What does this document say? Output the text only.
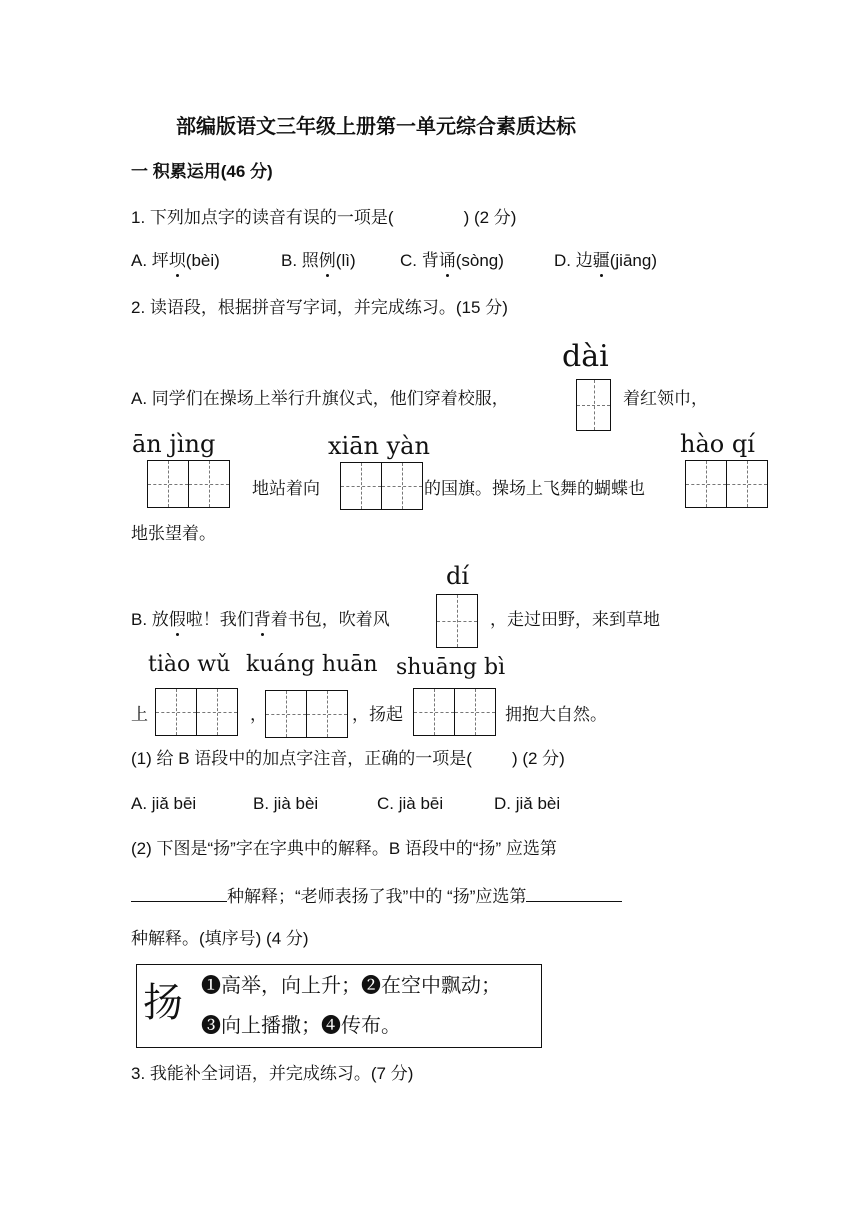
部编版语文三年级上册第一单元综合素质达标
一 积累运用(46 分)
1. 下列加点字的读音有误的一项是(	) (2 分)
A. 坪坝(bèi)	B. 照例(lì)	C. 背诵(sòng)	D. 边疆(jiāng)
2. 读语段，根据拼音写字词，并完成练习。(15 分)
dài
A. 同学们在操场上举行升旗仪式，他们穿着校服，	着红领巾，
ān jìng	xiān yàn	hào qí
地站着向	的国旗。操场上飞舞的蝴蝶也
地张望着。
dí
B. 放假啦！我们背着书包，吹着风	，走过田野，来到草地
tiào wǔ kuáng huān shuāng bì
上	，	，扬起	拥抱大自然。
(1) 给 B 语段中的加点字注音，正确的一项是( ) (2 分)
A. jiǎ bēi	B. jià bèi	C. jià bēi	D. jiǎ bèi
(2) 下图是“扬”字在字典中的解释。B 语段中的“扬” 应选第
种解释；“老师表扬了我”中的 “扬”应选第
种解释。(填序号) (4 分)
扬 ❶高举，向上升；❷在空中飘动；
❸向上播撒；❹传布。
3. 我能补全词语，并完成练习。(7 分)
